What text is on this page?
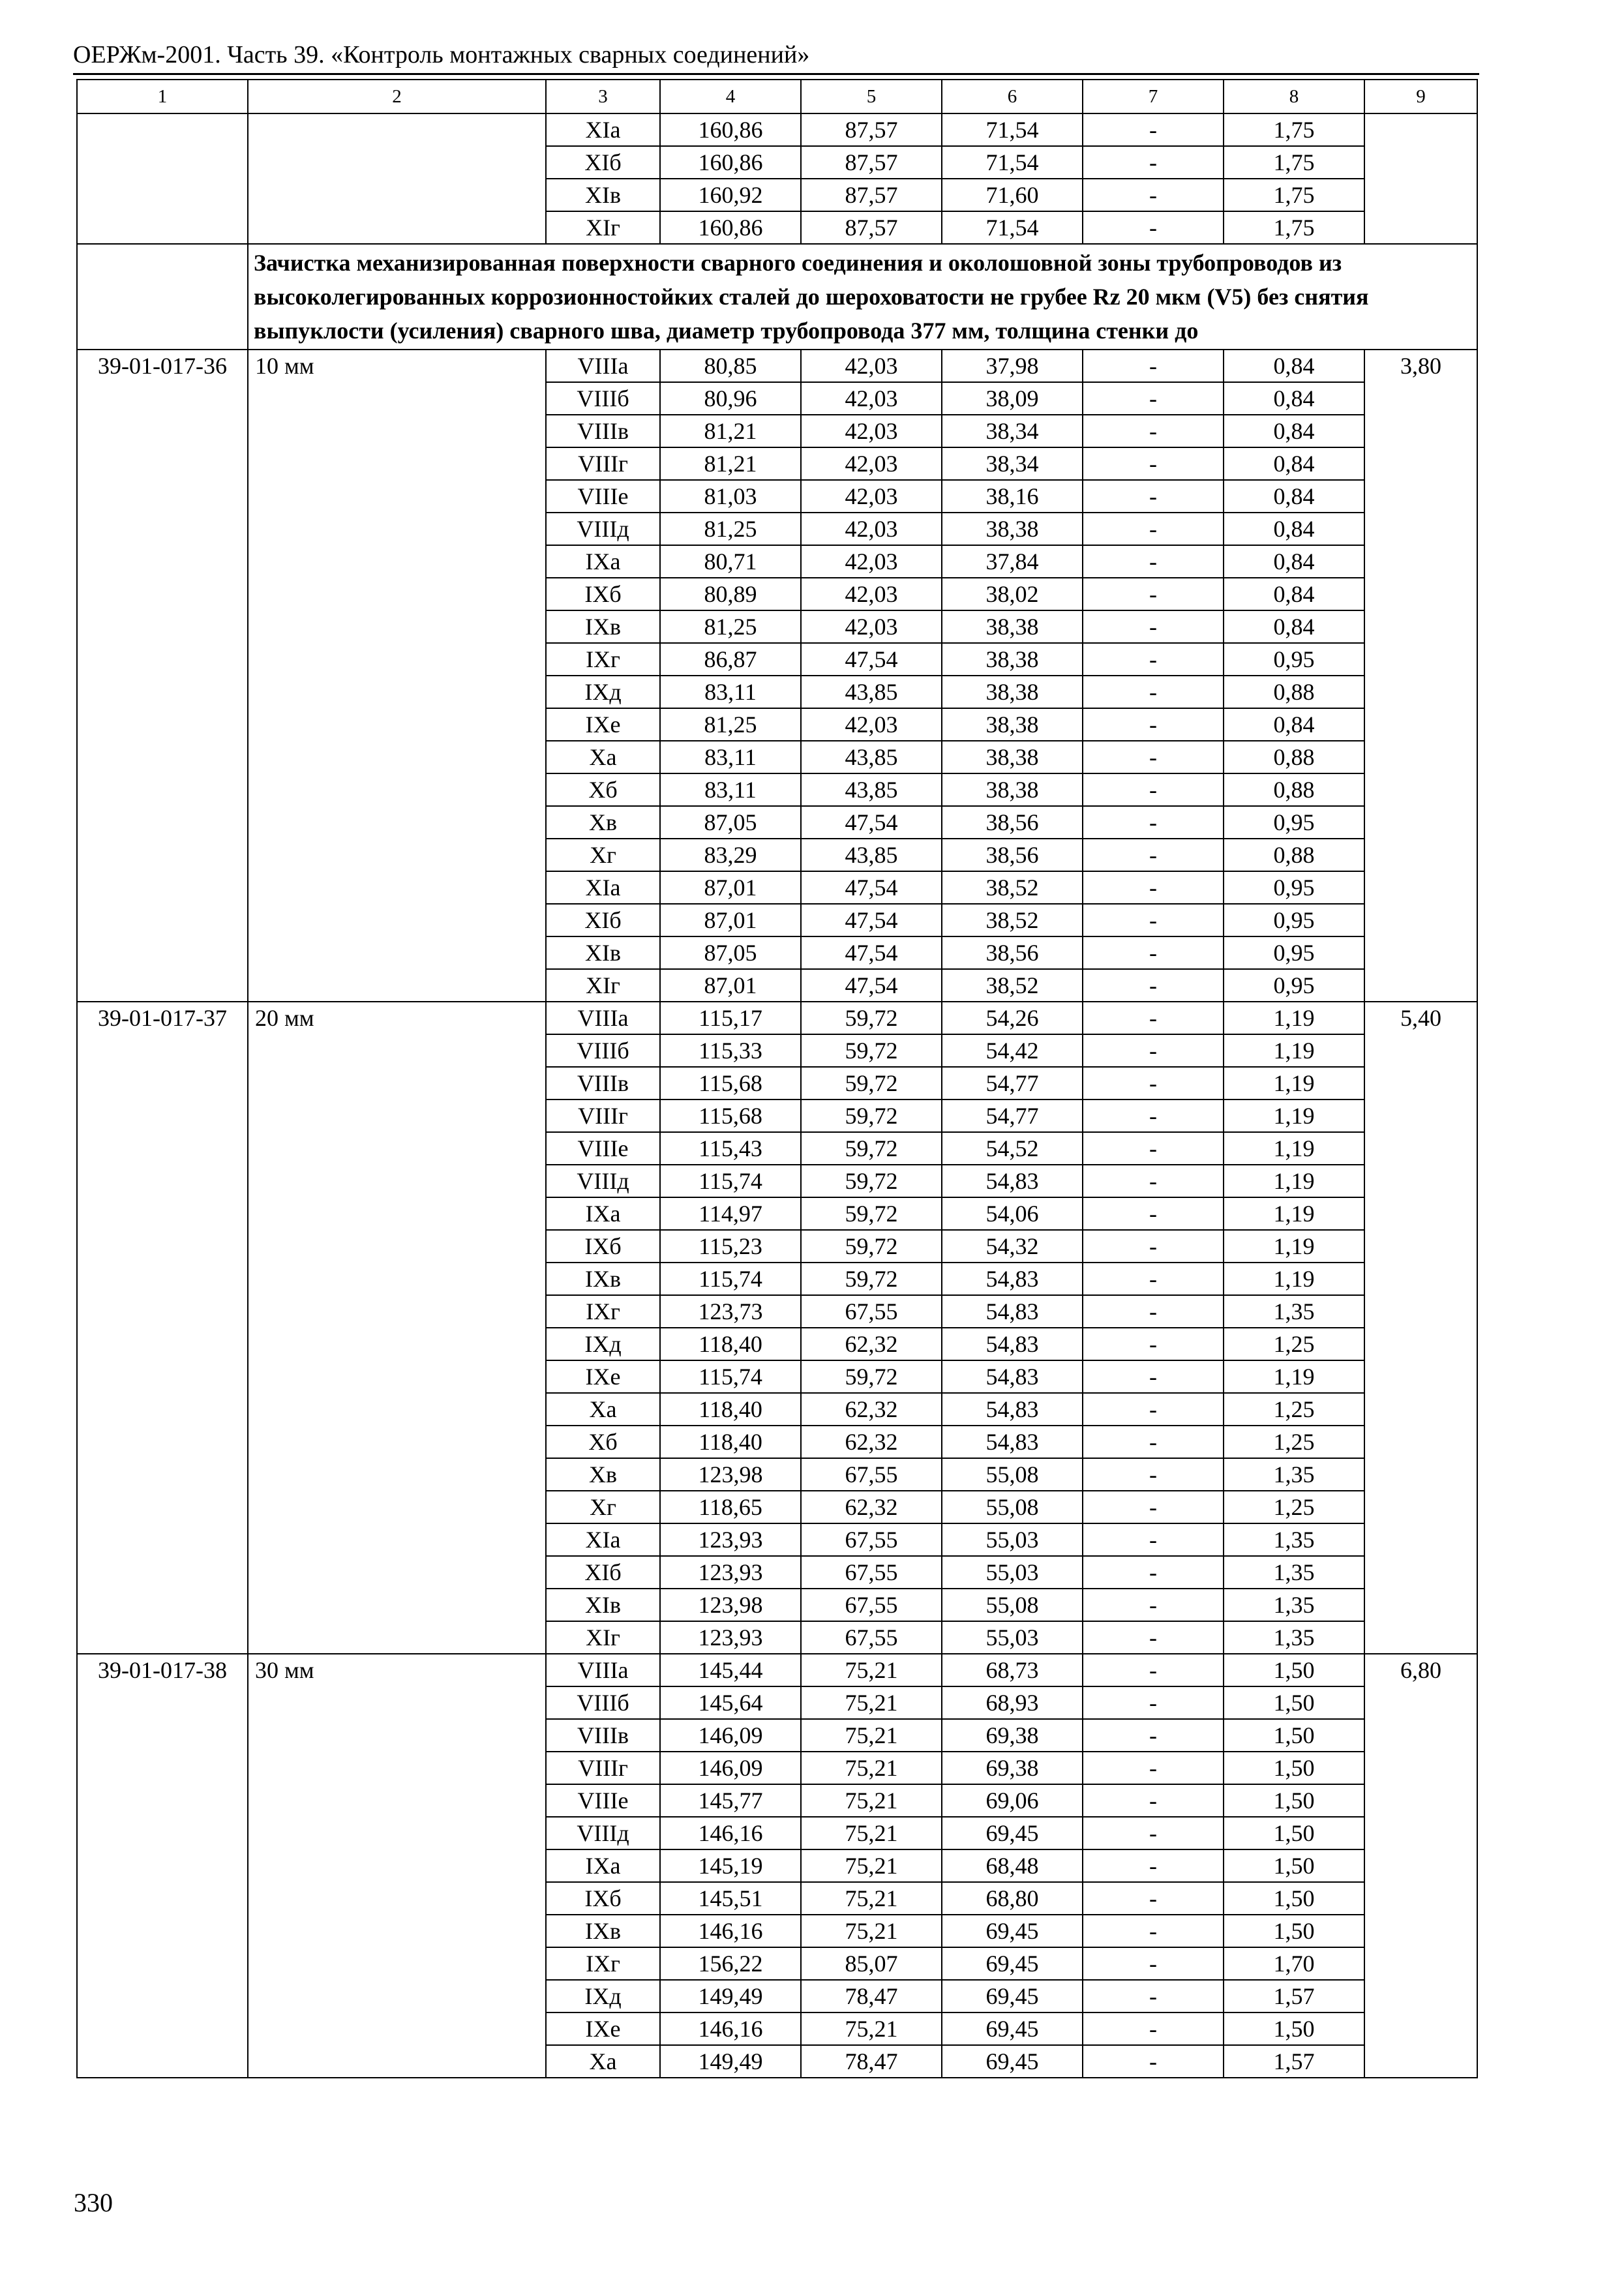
ОЕРЖм-2001. Часть 39. «Контроль монтажных сварных соединений»
1	2	3	4	5	6	7	8	9
		XIа	160,86	87,57	71,54	-	1,75	
		XIб	160,86	87,57	71,54	-	1,75	
		XIв	160,92	87,57	71,60	-	1,75	
		XIг	160,86	87,57	71,54	-	1,75	
	Зачистка механизированная поверхности сварного соединения и околошовной зоны трубопроводов из высоколегированных коррозионностойких сталей до шероховатости не грубее Rz 20 мкм (V5) без снятия выпуклости (усиления) сварного шва, диаметр трубопровода 377 мм, толщина стенки до							
39-01-017-36	10 мм	VIIIа	80,85	42,03	37,98	-	0,84	3,80
		VIIIб	80,96	42,03	38,09	-	0,84	
		VIIIв	81,21	42,03	38,34	-	0,84	
		VIIIг	81,21	42,03	38,34	-	0,84	
		VIIIе	81,03	42,03	38,16	-	0,84	
		VIIIд	81,25	42,03	38,38	-	0,84	
		IXа	80,71	42,03	37,84	-	0,84	
		IXб	80,89	42,03	38,02	-	0,84	
		IXв	81,25	42,03	38,38	-	0,84	
		IXг	86,87	47,54	38,38	-	0,95	
		IXд	83,11	43,85	38,38	-	0,88	
		IXе	81,25	42,03	38,38	-	0,84	
		Xа	83,11	43,85	38,38	-	0,88	
		Xб	83,11	43,85	38,38	-	0,88	
		Xв	87,05	47,54	38,56	-	0,95	
		Xг	83,29	43,85	38,56	-	0,88	
		XIа	87,01	47,54	38,52	-	0,95	
		XIб	87,01	47,54	38,52	-	0,95	
		XIв	87,05	47,54	38,56	-	0,95	
		XIг	87,01	47,54	38,52	-	0,95	
39-01-017-37	20 мм	VIIIа	115,17	59,72	54,26	-	1,19	5,40
		VIIIб	115,33	59,72	54,42	-	1,19	
		VIIIв	115,68	59,72	54,77	-	1,19	
		VIIIг	115,68	59,72	54,77	-	1,19	
		VIIIе	115,43	59,72	54,52	-	1,19	
		VIIIд	115,74	59,72	54,83	-	1,19	
		IXа	114,97	59,72	54,06	-	1,19	
		IXб	115,23	59,72	54,32	-	1,19	
		IXв	115,74	59,72	54,83	-	1,19	
		IXг	123,73	67,55	54,83	-	1,35	
		IXд	118,40	62,32	54,83	-	1,25	
		IXе	115,74	59,72	54,83	-	1,19	
		Xа	118,40	62,32	54,83	-	1,25	
		Xб	118,40	62,32	54,83	-	1,25	
		Xв	123,98	67,55	55,08	-	1,35	
		Xг	118,65	62,32	55,08	-	1,25	
		XIа	123,93	67,55	55,03	-	1,35	
		XIб	123,93	67,55	55,03	-	1,35	
		XIв	123,98	67,55	55,08	-	1,35	
		XIг	123,93	67,55	55,03	-	1,35	
39-01-017-38	30 мм	VIIIа	145,44	75,21	68,73	-	1,50	6,80
		VIIIб	145,64	75,21	68,93	-	1,50	
		VIIIв	146,09	75,21	69,38	-	1,50	
		VIIIг	146,09	75,21	69,38	-	1,50	
		VIIIе	145,77	75,21	69,06	-	1,50	
		VIIIд	146,16	75,21	69,45	-	1,50	
		IXа	145,19	75,21	68,48	-	1,50	
		IXб	145,51	75,21	68,80	-	1,50	
		IXв	146,16	75,21	69,45	-	1,50	
		IXг	156,22	85,07	69,45	-	1,70	
		IXд	149,49	78,47	69,45	-	1,57	
		IXе	146,16	75,21	69,45	-	1,50	
		Xа	149,49	78,47	69,45	-	1,57	
330
